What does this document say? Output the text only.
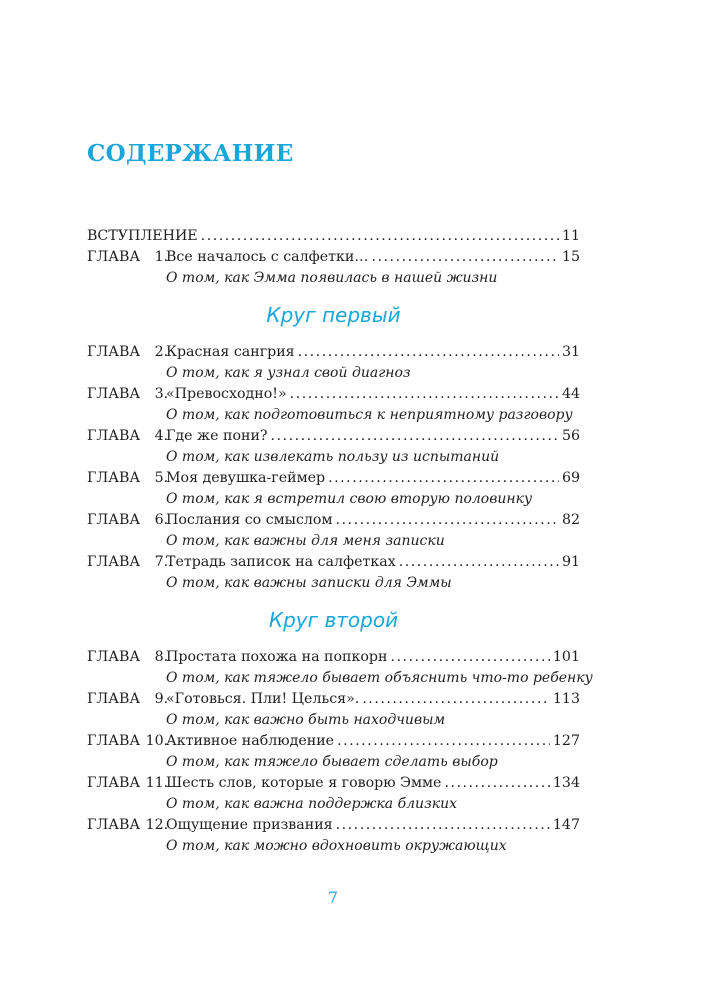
СОДЕРЖАНИЕ
ВСТУПЛЕНИЕ . . .	11
ГЛАВА 1.
Все началось с салфетки… . . .	15
О том, как Эмма появилась в нашей жизни
Круг первый
ГЛАВА 2.
Красная сангрия . . .	31
О том, как я узнал свой диагноз
ГЛАВА 3.
«Превосходно!» . . .	44
О том, как подготовиться к неприятному разговору
ГЛАВА 4.
Где же пони? . . .	56
О том, как извлекать пользу из испытаний
ГЛАВА 5.
Моя девушка-геймер . . .	69
О том, как я встретил свою вторую половинку
ГЛАВА 6.
Послания со смыслом . . .	82
О том, как важны для меня записки
ГЛАВА 7.
Тетрадь записок на салфетках . . .	91
О том, как важны записки для Эммы
Круг второй
ГЛАВА 8.
Простата похожа на попкорн . . .	101
О том, как тяжело бывает объяснить что-то ребенку
ГЛАВА 9.
«Готовься. Пли! Целься». . . .	113
О том, как важно быть находчивым
ГЛАВА 10.
Активное наблюдение . . .	127
О том, как тяжело бывает сделать выбор
ГЛАВА 11.
Шесть слов, которые я говорю Эмме . . .	134
О том, как важна поддержка близких
ГЛАВА 12.
Ощущение призвания . . .	147
О том, как можно вдохновить окружающих
7
